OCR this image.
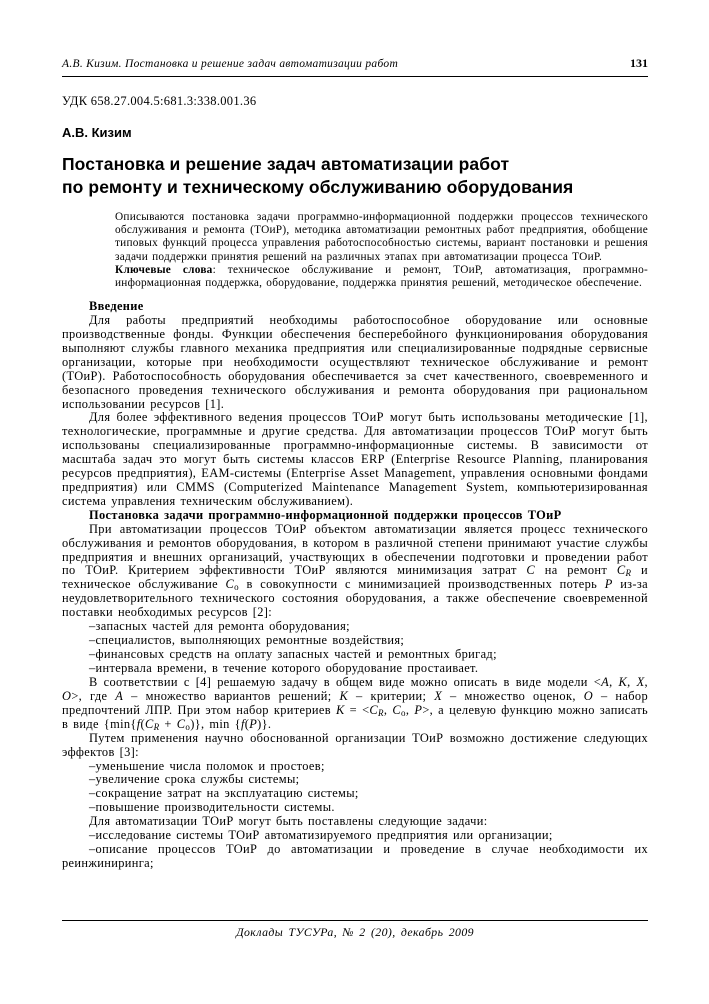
А.В. Кизим. Постановка и решение задач автоматизации работ	131
УДК 658.27.004.5:681.3:338.001.36
А.В. Кизим
Постановка и решение задач автоматизации работ
по ремонту и техническому обслуживанию оборудования

Описываются постановка задачи программно-информационной поддержки процессов технического обслуживания и ремонта (ТОиР), методика автоматизации ремонтных работ предприятия, обобщение типовых функций процесса управления работоспособностью системы, вариант постановки и решения задачи поддержки принятия решений на различных этапах при автоматизации процесса ТОиР.

Ключевые слова: техническое обслуживание и ремонт, ТОиР, автоматизация, программно-информационная поддержка, оборудование, поддержка принятия решений, методическое обеспечение.

Введение

Для работы предприятий необходимы работоспособное оборудование или основные производственные фонды. Функции обеспечения бесперебойного функционирования оборудования выполняют службы главного механика предприятия или специализированные подрядные сервисные организации, которые при необходимости осуществляют техническое обслуживание и ремонт (ТОиР). Работоспособность оборудования обеспечивается за счет качественного, своевременного и безопасного проведения технического обслуживания и ремонта оборудования при рациональном использовании ресурсов [1].

Для более эффективного ведения процессов ТОиР могут быть использованы методические [1], технологические, программные и другие средства. Для автоматизации процессов ТОиР могут быть использованы специализированные программно-информационные системы. В зависимости от масштаба задач это могут быть системы классов ERP (Enterprise Resource Planning, планирования ресурсов предприятия), EAM-системы (Enterprise Asset Management, управления основными фондами предприятия) или CMMS (Computerized Maintenance Management System, компьютеризированная система управления техническим обслуживанием).

Постановка задачи программно-информационной поддержки процессов ТОиР

При автоматизации процессов ТОиР объектом автоматизации является процесс технического обслуживания и ремонтов оборудования, в котором в различной степени принимают участие службы предприятия и внешних организаций, участвующих в обеспечении подготовки и проведении работ по ТОиР. Критерием эффективности ТОиР являются минимизация затрат C на ремонт CR и техническое обслуживание Cо в совокупности с минимизацией производственных потерь P из-за неудовлетворительного технического состояния оборудования, а также обеспечение своевременной поставки необходимых ресурсов [2]:

–запасных частей для ремонта оборудования;

–специалистов, выполняющих ремонтные воздействия;

–финансовых средств на оплату запасных частей и ремонтных бригад;

–интервала времени, в течение которого оборудование простаивает.

В соответствии с [4] решаемую задачу в общем виде можно описать в виде модели <A, K, X, O>, где A – множество вариантов решений; K – критерии; X – множество оценок, O – набор предпочтений ЛПР. При этом набор критериев K = <CR, Cо, P>, а целевую функцию можно записать в виде {min{f(CR + Cо)}, min {f(P)}.

Путем применения научно обоснованной организации ТОиР возможно достижение следующих эффектов [3]:

–уменьшение числа поломок и простоев;

–увеличение срока службы системы;

–сокращение затрат на эксплуатацию системы;

–повышение производительности системы.

Для автоматизации ТОиР могут быть поставлены следующие задачи:

–исследование системы ТОиР автоматизируемого предприятия или организации;

–описание процессов ТОиР до автоматизации и проведение в случае необходимости их реинжиниринга;

Доклады ТУСУРа, № 2 (20), декабрь 2009
